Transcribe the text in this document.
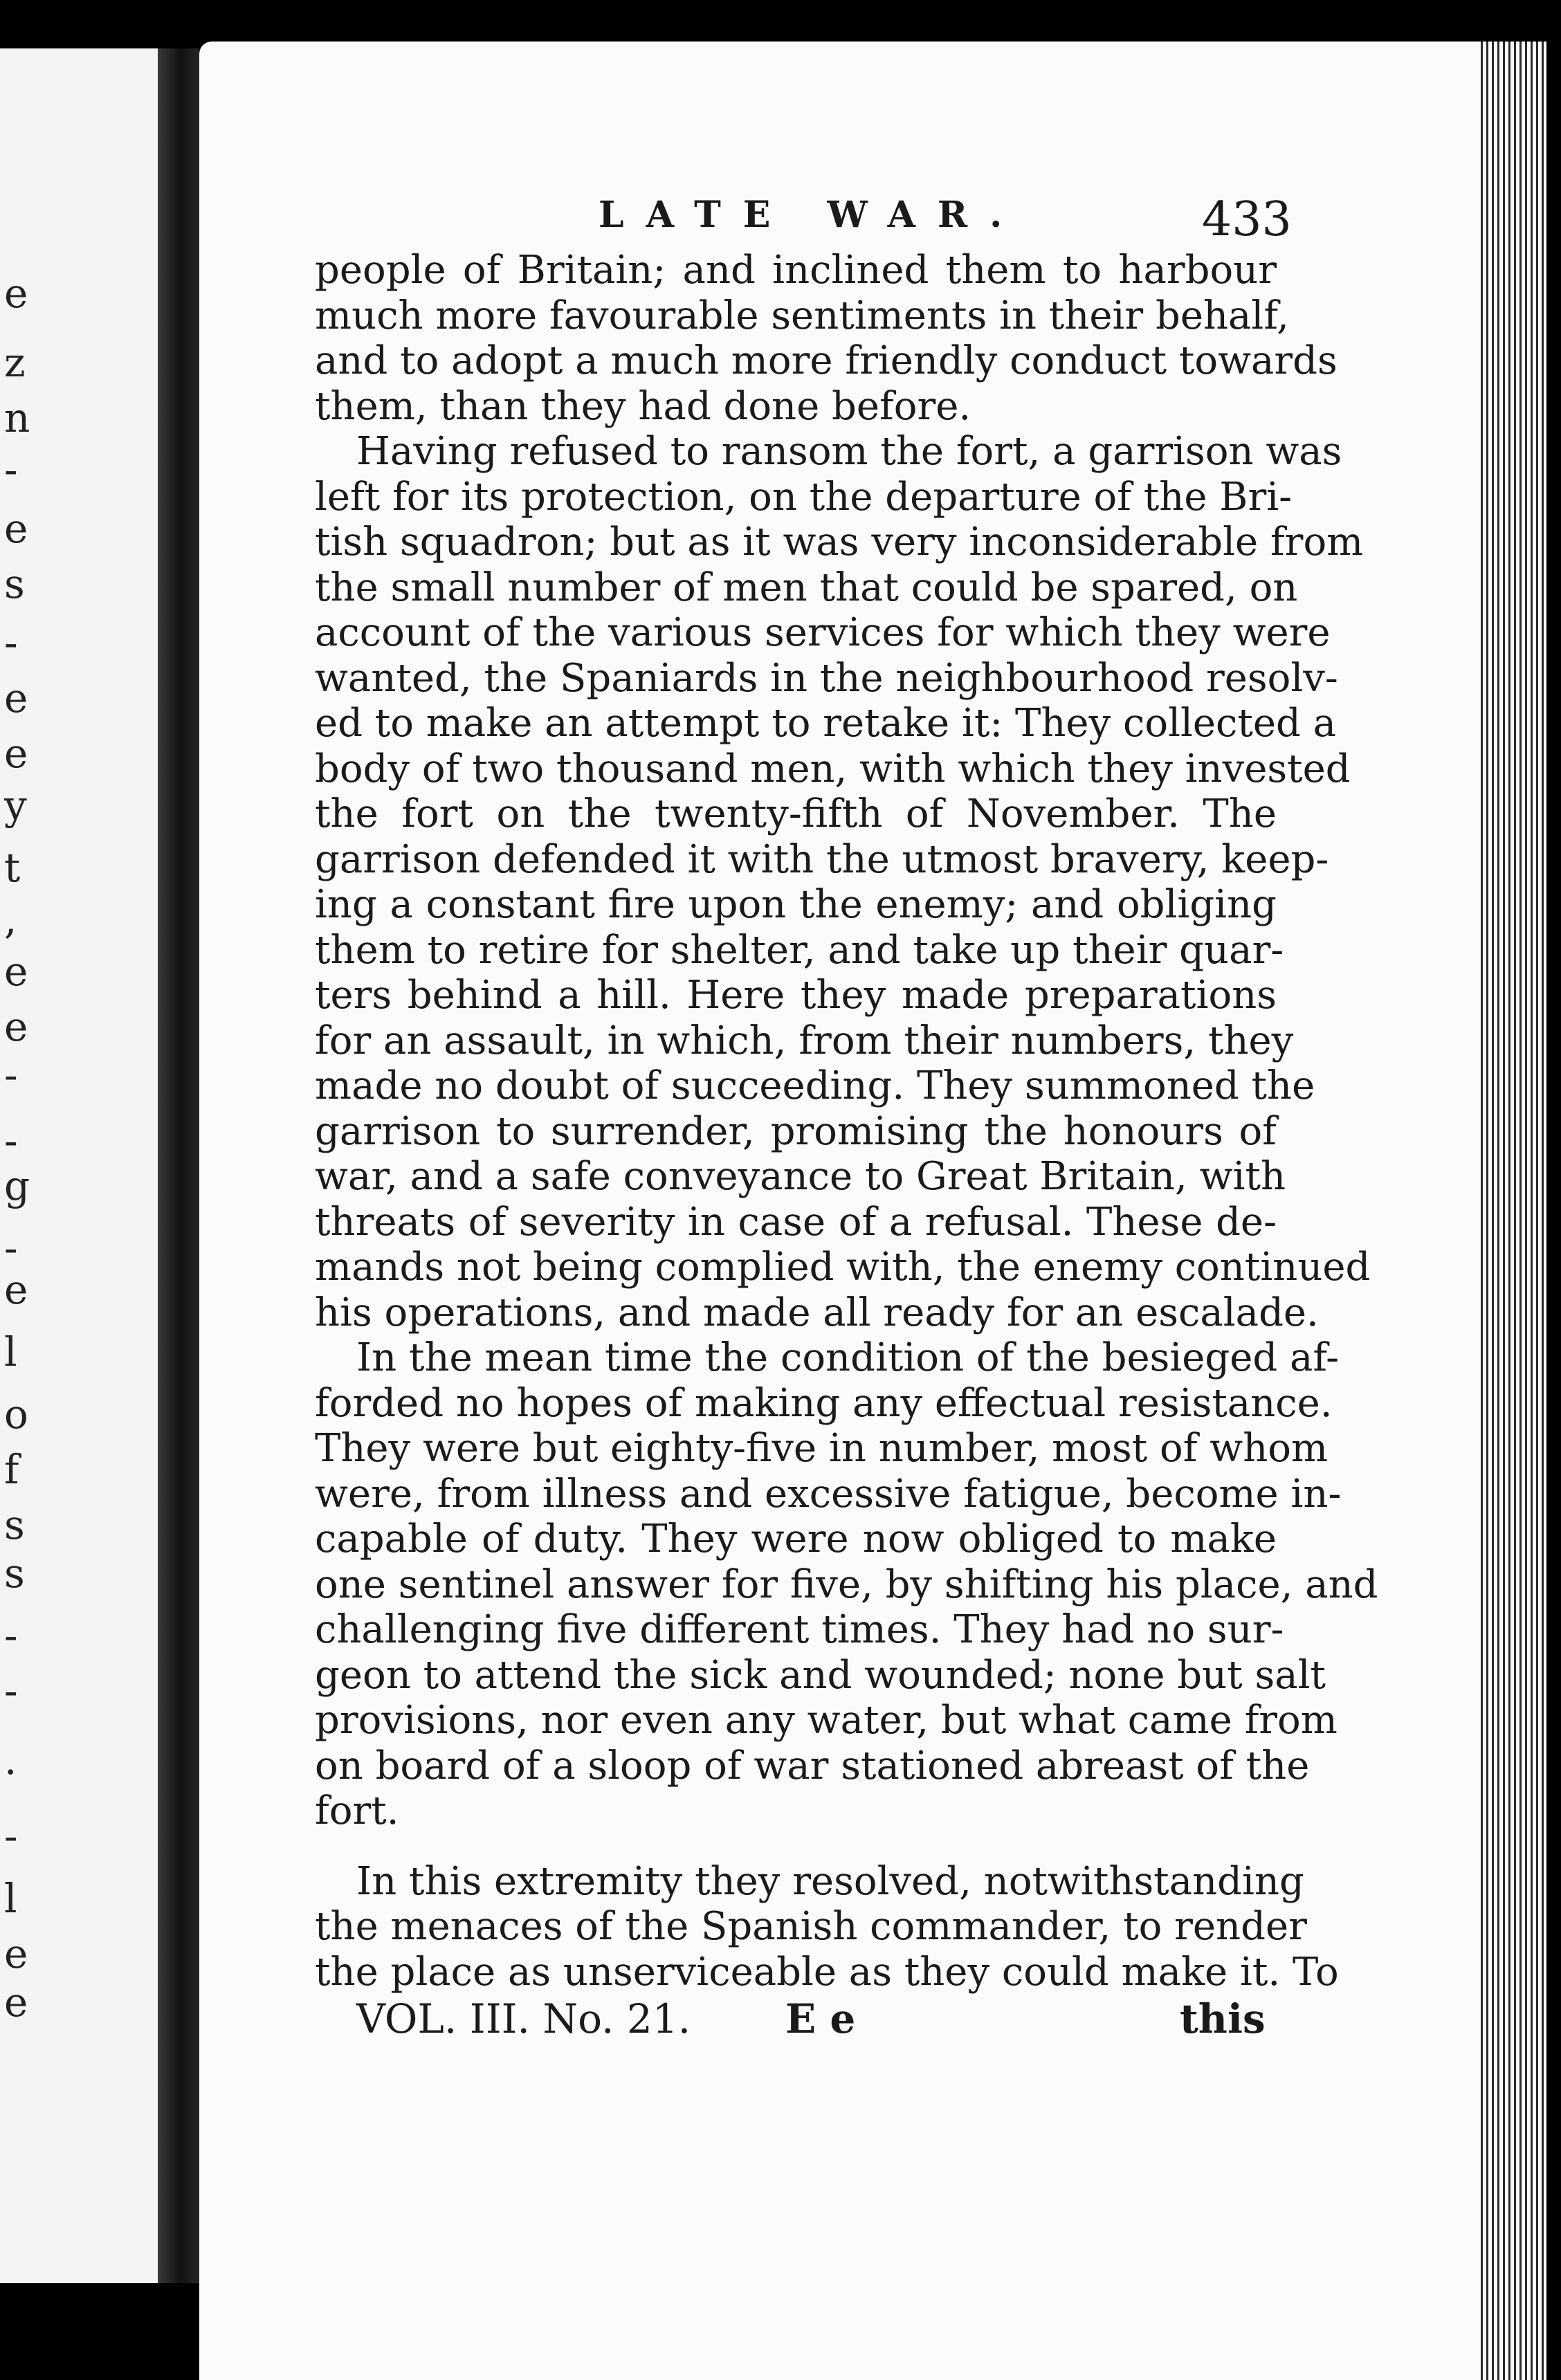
e
z
n
-
e
s
-
e
e
y
t
,
e
e
-
-
g
-
e
l
o
f
s
s
-
-
.
-
l
e
e
LATE WAR.	433
people of Britain; and inclined them to harbour
much more favourable sentiments in their behalf,
and to adopt a much more friendly conduct towards
them, than they had done before.
Having refused to ransom the fort, a garrison was
left for its protection, on the departure of the Bri-
tish squadron; but as it was very inconsiderable from
the small number of men that could be spared, on
account of the various services for which they were
wanted, the Spaniards in the neighbourhood resolv-
ed to make an attempt to retake it: They collected a
body of two thousand men, with which they invested
the fort on the twenty-fifth of November. The
garrison defended it with the utmost bravery, keep-
ing a constant fire upon the enemy; and obliging
them to retire for shelter, and take up their quar-
ters behind a hill. Here they made preparations
for an assault, in which, from their numbers, they
made no doubt of succeeding. They summoned the
garrison to surrender, promising the honours of
war, and a safe conveyance to Great Britain, with
threats of severity in case of a refusal. These de-
mands not being complied with, the enemy continued
his operations, and made all ready for an escalade.
In the mean time the condition of the besieged af-
forded no hopes of making any effectual resistance.
They were but eighty-five in number, most of whom
were, from illness and excessive fatigue, become in-
capable of duty. They were now obliged to make
one sentinel answer for five, by shifting his place, and
challenging five different times. They had no sur-
geon to attend the sick and wounded; none but salt
provisions, nor even any water, but what came from
on board of a sloop of war stationed abreast of the
fort.
In this extremity they resolved, notwithstanding
the menaces of the Spanish commander, to render
the place as unserviceable as they could make it. To
VOL. III. No. 21. E e	this
